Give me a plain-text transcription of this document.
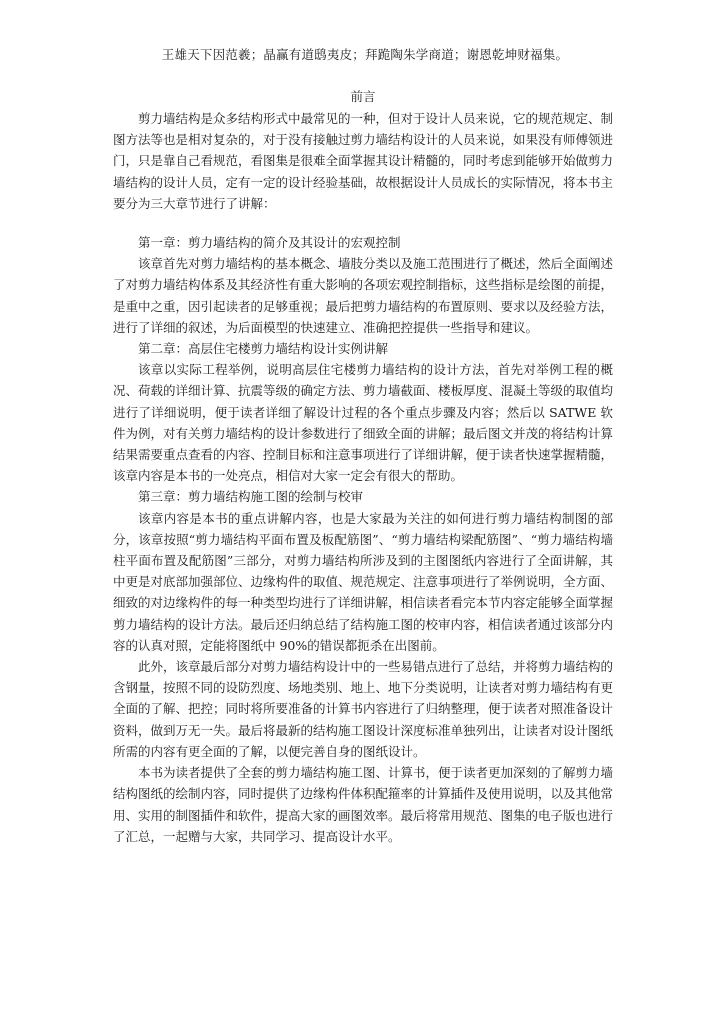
王雄天下因范羲；晶赢有道鸱夷皮；拜跪陶朱学商道；谢恩乾坤财福集。
前言

剪力墙结构是众多结构形式中最常见的一种，但对于设计人员来说，它的规范规定、制图方法等也是相对复杂的，对于没有接触过剪力墙结构设计的人员来说，如果没有师傅领进门，只是靠自己看规范，看图集是很难全面掌握其设计精髓的，同时考虑到能够开始做剪力墙结构的设计人员，定有一定的设计经验基础，故根据设计人员成长的实际情况，将本书主要分为三大章节进行了讲解：

第一章：剪力墙结构的简介及其设计的宏观控制

该章首先对剪力墙结构的基本概念、墙肢分类以及施工范围进行了概述，然后全面阐述了对剪力墙结构体系及其经济性有重大影响的各项宏观控制指标，这些指标是绘图的前提，是重中之重，因引起读者的足够重视；最后把剪力墙结构的布置原则、要求以及经验方法，进行了详细的叙述，为后面模型的快速建立、准确把控提供一些指导和建议。

第二章：高层住宅楼剪力墙结构设计实例讲解

该章以实际工程举例，说明高层住宅楼剪力墙结构的设计方法，首先对举例工程的概况、荷载的详细计算、抗震等级的确定方法、剪力墙截面、楼板厚度、混凝土等级的取值均进行了详细说明，便于读者详细了解设计过程的各个重点步骤及内容；然后以 SATWE 软件为例，对有关剪力墙结构的设计参数进行了细致全面的讲解；最后图文并茂的将结构计算结果需要重点查看的内容、控制目标和注意事项进行了详细讲解，便于读者快速掌握精髓，该章内容是本书的一处亮点，相信对大家一定会有很大的帮助。

第三章：剪力墙结构施工图的绘制与校审

该章内容是本书的重点讲解内容，也是大家最为关注的如何进行剪力墙结构制图的部分，该章按照“剪力墙结构平面布置及板配筋图”、“剪力墙结构梁配筋图”、“剪力墙结构墙柱平面布置及配筋图”三部分，对剪力墙结构所涉及到的主图图纸内容进行了全面讲解，其中更是对底部加强部位、边缘构件的取值、规范规定、注意事项进行了举例说明，全方面、细致的对边缘构件的每一种类型均进行了详细讲解，相信读者看完本节内容定能够全面掌握剪力墙结构的设计方法。最后还归纳总结了结构施工图的校审内容，相信读者通过该部分内容的认真对照，定能将图纸中 90%的错误都扼杀在出图前。

此外，该章最后部分对剪力墙结构设计中的一些易错点进行了总结，并将剪力墙结构的含钢量，按照不同的设防烈度、场地类别、地上、地下分类说明，让读者对剪力墙结构有更全面的了解、把控；同时将所要准备的计算书内容进行了归纳整理，便于读者对照准备设计资料，做到万无一失。最后将最新的结构施工图设计深度标准单独列出，让读者对设计图纸所需的内容有更全面的了解，以便完善自身的图纸设计。

本书为读者提供了全套的剪力墙结构施工图、计算书，便于读者更加深刻的了解剪力墙结构图纸的绘制内容，同时提供了边缘构件体积配箍率的计算插件及使用说明，以及其他常用、实用的制图插件和软件，提高大家的画图效率。最后将常用规范、图集的电子版也进行了汇总，一起赠与大家，共同学习、提高设计水平。
